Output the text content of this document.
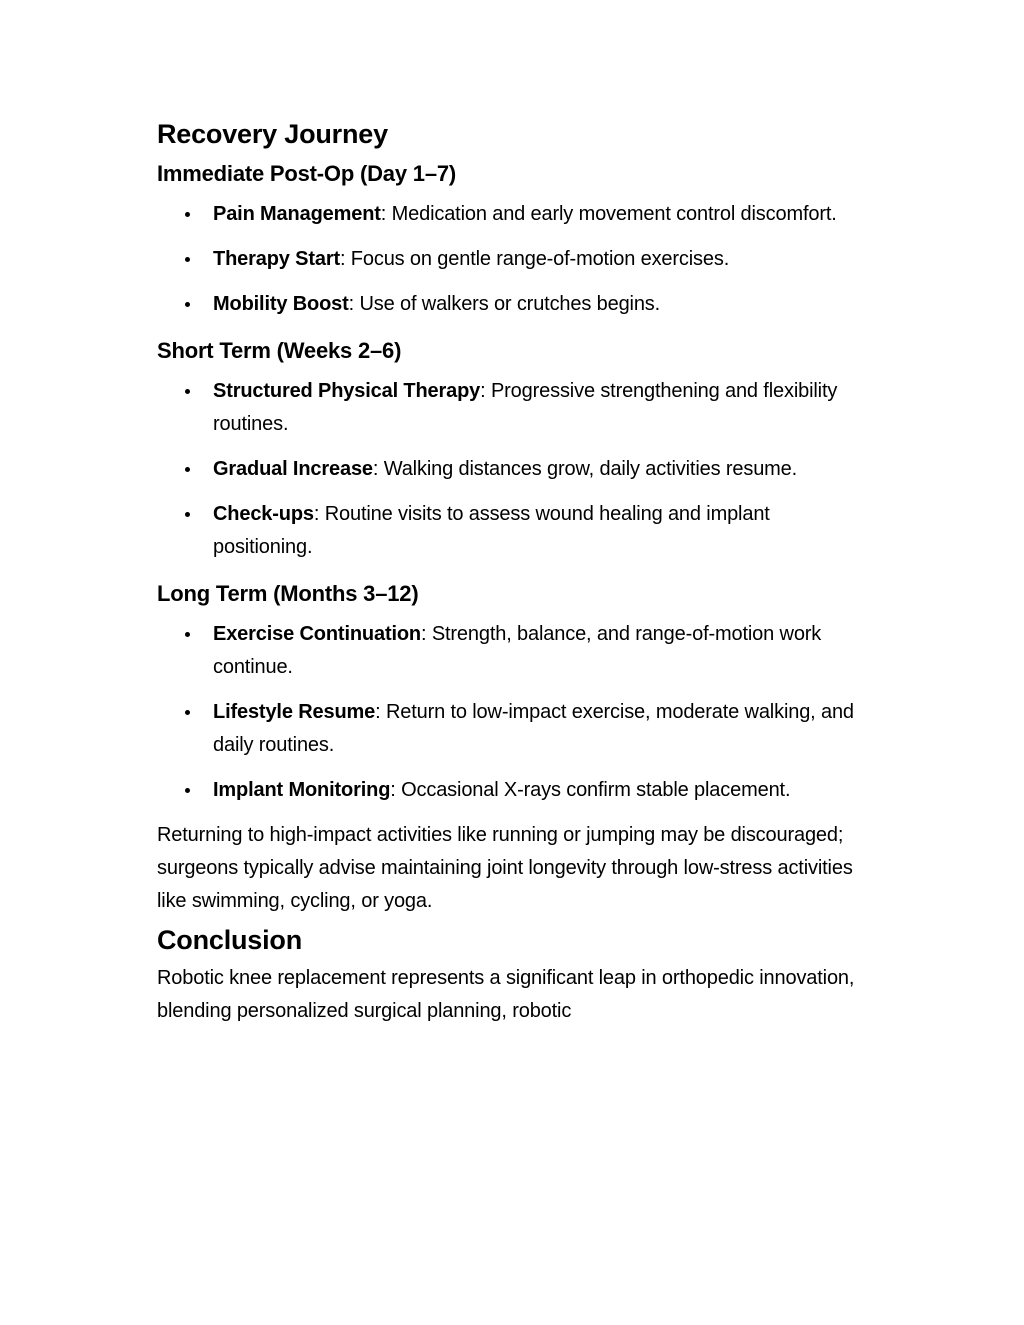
Recovery Journey
Immediate Post-Op (Day 1–7)
Pain Management: Medication and early movement control discomfort.
Therapy Start: Focus on gentle range-of-motion exercises.
Mobility Boost: Use of walkers or crutches begins.
Short Term (Weeks 2–6)
Structured Physical Therapy: Progressive strengthening and flexibility routines.
Gradual Increase: Walking distances grow, daily activities resume.
Check-ups: Routine visits to assess wound healing and implant positioning.
Long Term (Months 3–12)
Exercise Continuation: Strength, balance, and range-of-motion work continue.
Lifestyle Resume: Return to low-impact exercise, moderate walking, and daily routines.
Implant Monitoring: Occasional X-rays confirm stable placement.

Returning to high-impact activities like running or jumping may be discouraged; surgeons typically advise maintaining joint longevity through low-stress activities like swimming, cycling, or yoga.

Conclusion

Robotic knee replacement represents a significant leap in orthopedic innovation, blending personalized surgical planning, robotic
